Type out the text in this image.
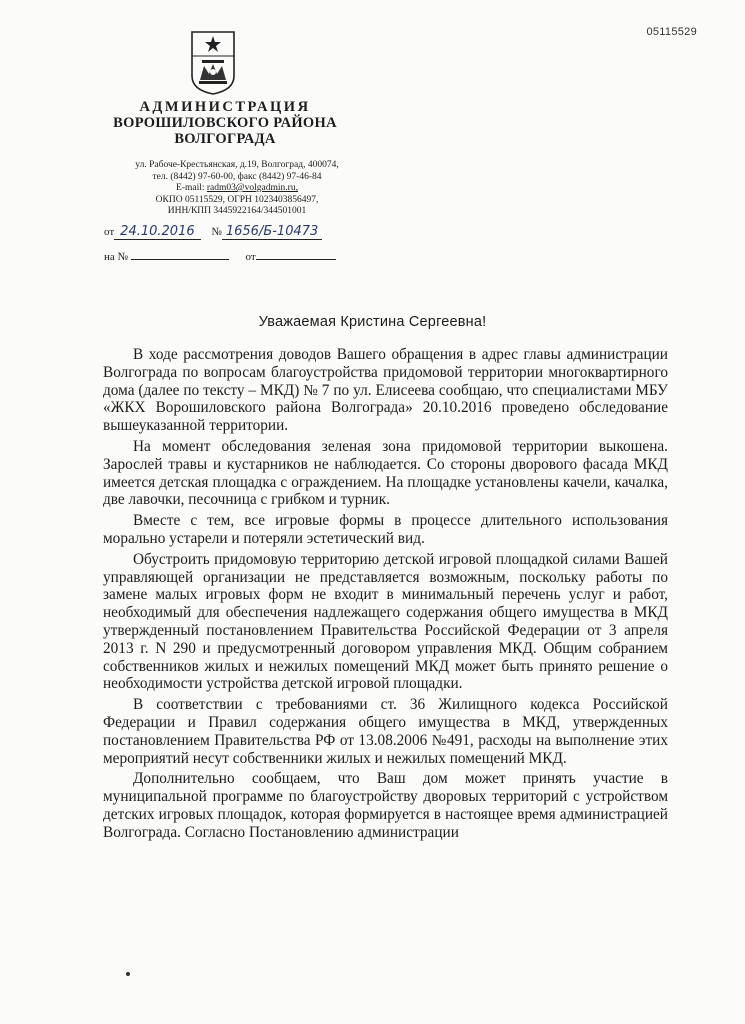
05115529
АДМИНИСТРАЦИЯ
ВОРОШИЛОВСКОГО РАЙОНА
ВОЛГОГРАДА
ул. Рабоче-Крестьянская, д.19, Волгоград, 400074,
тел. (8442) 97-60-00, факс (8442) 97-46-84
E-mail: radm03@volgadmin.ru,
ОКПО 05115529, ОГРН 1023403856497,
ИНН/КПП 3445922164/344501001
от 24.10.2016 № 1656/Б-10473
на №	от
Уважаемая Кристина Сергеевна!

В ходе рассмотрения доводов Вашего обращения в адрес главы администрации Волгограда по вопросам благоустройства придомовой территории многоквартирного дома (далее по тексту – МКД) № 7 по ул. Елисеева сообщаю, что специалистами МБУ «ЖКХ Ворошиловского района Волгограда» 20.10.2016 проведено обследование вышеуказанной территории.

На момент обследования зеленая зона придомовой территории выкошена. Зарослей травы и кустарников не наблюдается. Со стороны дворового фасада МКД имеется детская площадка с ограждением. На площадке установлены качели, качалка, две лавочки, песочница с грибком и турник.

Вместе с тем, все игровые формы в процессе длительного использования морально устарели и потеряли эстетический вид.

Обустроить придомовую территорию детской игровой площадкой силами Вашей управляющей организации не представляется возможным, поскольку работы по замене малых игровых форм не входит в минимальный перечень услуг и работ, необходимый для обеспечения надлежащего содержания общего имущества в МКД утвержденный постановлением Правительства Российской Федерации от 3 апреля 2013 г. N 290 и предусмотренный договором управления МКД. Общим собранием собственников жилых и нежилых помещений МКД может быть принято решение о необходимости устройства детской игровой площадки.

В соответствии с требованиями ст. 36 Жилищного кодекса Российской Федерации и Правил содержания общего имущества в МКД, утвержденных постановлением Правительства РФ от 13.08.2006 №491, расходы на выполнение этих мероприятий несут собственники жилых и нежилых помещений МКД.

Дополнительно сообщаем, что Ваш дом может принять участие в муниципальной программе по благоустройству дворовых территорий с устройством детских игровых площадок, которая формируется в настоящее время администрацией Волгограда. Согласно Постановлению администрации
